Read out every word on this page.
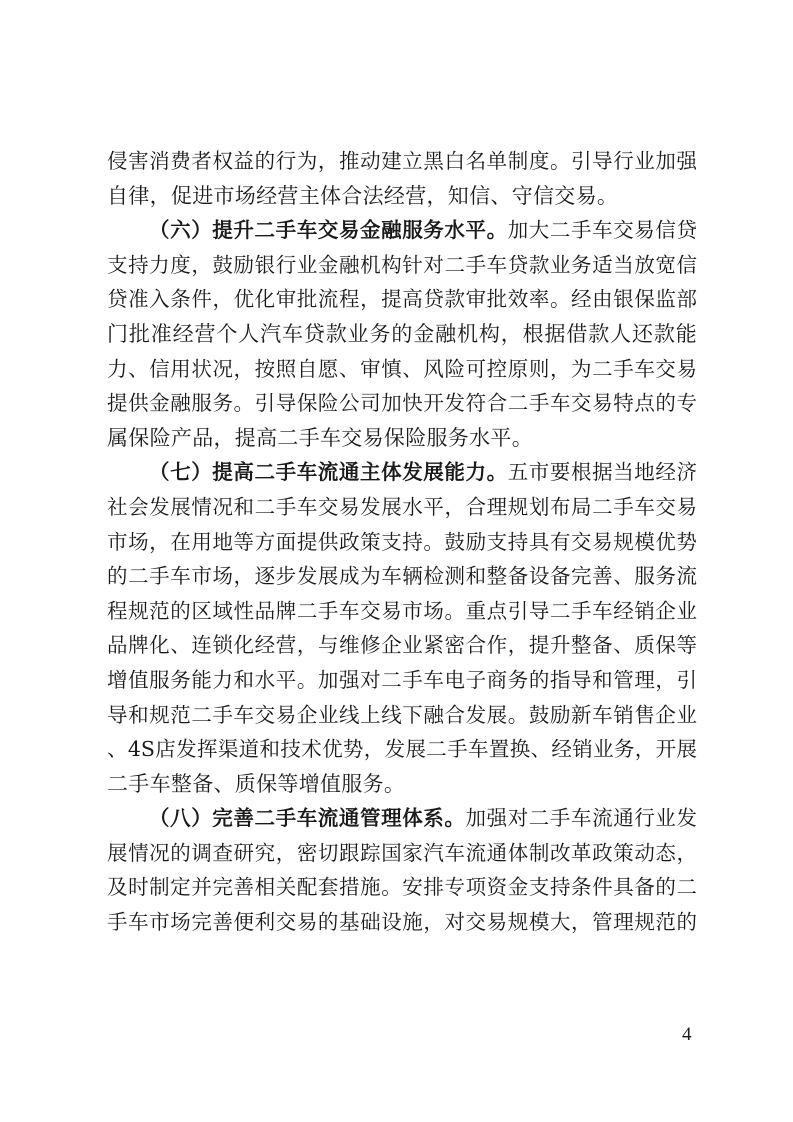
侵害消费者权益的行为，推动建立黑白名单制度。引导行业加强
自律，促进市场经营主体合法经营，知信、守信交易。
（六）提升二手车交易金融服务水平。加大二手车交易信贷
支持力度，鼓励银行业金融机构针对二手车贷款业务适当放宽信
贷准入条件，优化审批流程，提高贷款审批效率。经由银保监部
门批准经营个人汽车贷款业务的金融机构，根据借款人还款能
力、信用状况，按照自愿、审慎、风险可控原则，为二手车交易
提供金融服务。引导保险公司加快开发符合二手车交易特点的专
属保险产品，提高二手车交易保险服务水平。
（七）提高二手车流通主体发展能力。五市要根据当地经济
社会发展情况和二手车交易发展水平，合理规划布局二手车交易
市场，在用地等方面提供政策支持。鼓励支持具有交易规模优势
的二手车市场，逐步发展成为车辆检测和整备设备完善、服务流
程规范的区域性品牌二手车交易市场。重点引导二手车经销企业
品牌化、连锁化经营，与维修企业紧密合作，提升整备、质保等
增值服务能力和水平。加强对二手车电子商务的指导和管理，引
导和规范二手车交易企业线上线下融合发展。鼓励新车销售企业
、4S店发挥渠道和技术优势，发展二手车置换、经销业务，开展
二手车整备、质保等增值服务。
（八）完善二手车流通管理体系。加强对二手车流通行业发
展情况的调查研究，密切跟踪国家汽车流通体制改革政策动态，
及时制定并完善相关配套措施。安排专项资金支持条件具备的二
手车市场完善便利交易的基础设施，对交易规模大，管理规范的
4
